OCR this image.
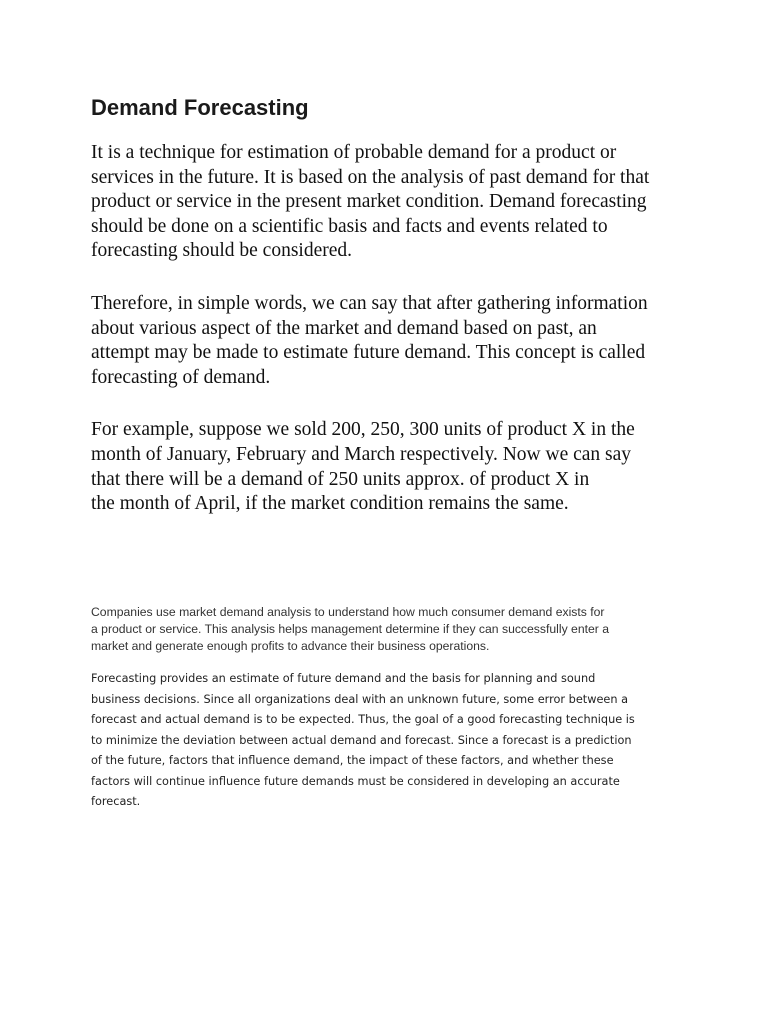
Demand Forecasting

It is a technique for estimation of probable demand for a product or
services in the future. It is based on the analysis of past demand for that
product or service in the present market condition. Demand forecasting
should be done on a scientific basis and facts and events related to
forecasting should be considered.

Therefore, in simple words, we can say that after gathering information
about various aspect of the market and demand based on past, an
attempt may be made to estimate future demand. This concept is called
forecasting of demand.

For example, suppose we sold 200, 250, 300 units of product X in the
month of January, February and March respectively. Now we can say
that there will be a demand of 250 units approx. of product X in
the month of April, if the market condition remains the same.

Companies use market demand analysis to understand how much consumer demand exists for
a product or service. This analysis helps management determine if they can successfully enter a
market and generate enough profits to advance their business operations.

Forecasting provides an estimate of future demand and the basis for planning and sound
business decisions. Since all organizations deal with an unknown future, some error between a
forecast and actual demand is to be expected. Thus, the goal of a good forecasting technique is
to minimize the deviation between actual demand and forecast. Since a forecast is a prediction
of the future, factors that influence demand, the impact of these factors, and whether these
factors will continue influence future demands must be considered in developing an accurate
forecast.
